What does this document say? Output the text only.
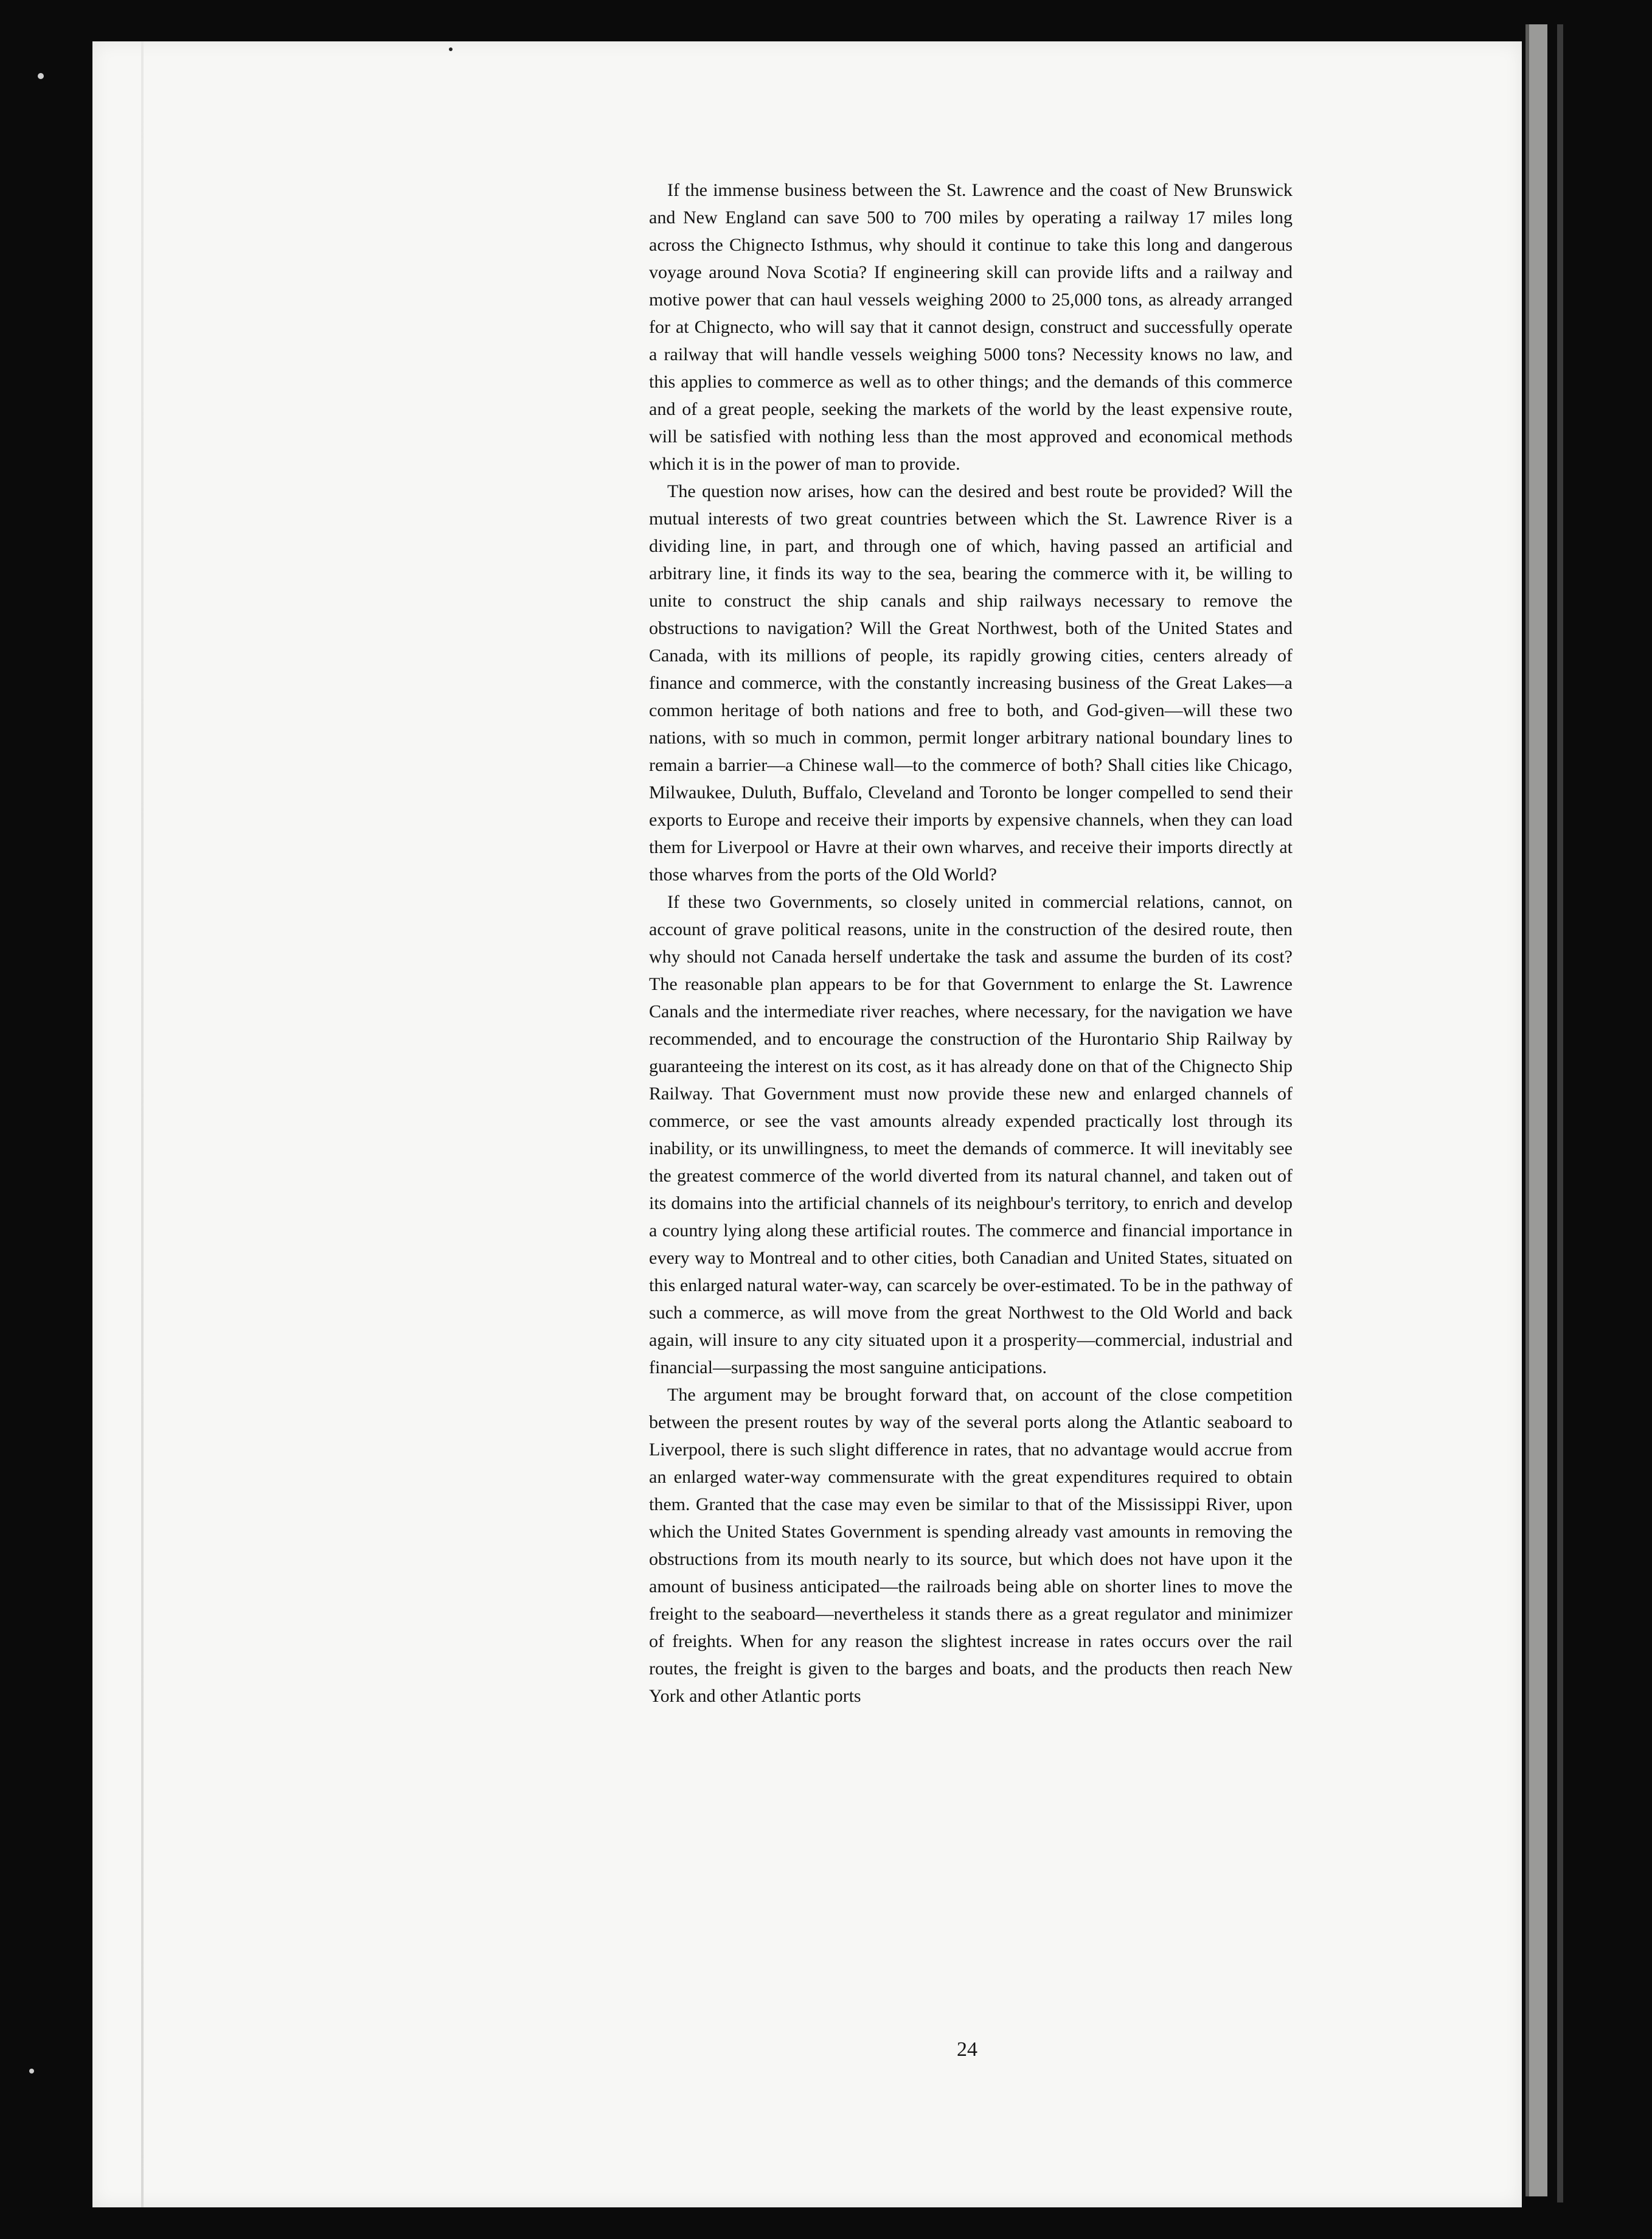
If the immense business between the St. Lawrence and the coast of New Brunswick and New England can save 500 to 700 miles by operating a railway 17 miles long across the Chignecto Isthmus, why should it continue to take this long and dangerous voyage around Nova Scotia? If engineering skill can provide lifts and a railway and motive power that can haul vessels weighing 2000 to 25,000 tons, as already arranged for at Chignecto, who will say that it cannot design, construct and successfully operate a railway that will handle vessels weighing 5000 tons? Necessity knows no law, and this applies to commerce as well as to other things; and the demands of this commerce and of a great people, seeking the markets of the world by the least expensive route, will be satisfied with nothing less than the most approved and economical methods which it is in the power of man to provide.

The question now arises, how can the desired and best route be provided? Will the mutual interests of two great countries between which the St. Lawrence River is a dividing line, in part, and through one of which, having passed an artificial and arbitrary line, it finds its way to the sea, bearing the commerce with it, be willing to unite to construct the ship canals and ship railways necessary to remove the obstructions to navigation? Will the Great Northwest, both of the United States and Canada, with its millions of people, its rapidly growing cities, centers already of finance and commerce, with the constantly increasing business of the Great Lakes—a common heritage of both nations and free to both, and God-given—will these two nations, with so much in common, permit longer arbitrary national boundary lines to remain a barrier—a Chinese wall—to the commerce of both? Shall cities like Chicago, Milwaukee, Duluth, Buffalo, Cleveland and Toronto be longer compelled to send their exports to Europe and receive their imports by expensive channels, when they can load them for Liverpool or Havre at their own wharves, and receive their imports directly at those wharves from the ports of the Old World?

If these two Governments, so closely united in commercial relations, cannot, on account of grave political reasons, unite in the construction of the desired route, then why should not Canada herself undertake the task and assume the burden of its cost? The reasonable plan appears to be for that Government to enlarge the St. Lawrence Canals and the intermediate river reaches, where necessary, for the navigation we have recommended, and to encourage the construction of the Hurontario Ship Railway by guaranteeing the interest on its cost, as it has already done on that of the Chignecto Ship Railway. That Government must now provide these new and enlarged channels of commerce, or see the vast amounts already expended practically lost through its inability, or its unwillingness, to meet the demands of commerce. It will inevitably see the greatest commerce of the world diverted from its natural channel, and taken out of its domains into the artificial channels of its neighbour's territory, to enrich and develop a country lying along these artificial routes. The commerce and financial importance in every way to Montreal and to other cities, both Canadian and United States, situated on this enlarged natural water-way, can scarcely be over-estimated. To be in the pathway of such a commerce, as will move from the great Northwest to the Old World and back again, will insure to any city situated upon it a prosperity—commercial, industrial and financial—surpassing the most sanguine anticipations.

The argument may be brought forward that, on account of the close competition between the present routes by way of the several ports along the Atlantic seaboard to Liverpool, there is such slight difference in rates, that no advantage would accrue from an enlarged water-way commensurate with the great expenditures required to obtain them. Granted that the case may even be similar to that of the Mississippi River, upon which the United States Government is spending already vast amounts in removing the obstructions from its mouth nearly to its source, but which does not have upon it the amount of business anticipated—the railroads being able on shorter lines to move the freight to the seaboard—nevertheless it stands there as a great regulator and minimizer of freights. When for any reason the slightest increase in rates occurs over the rail routes, the freight is given to the barges and boats, and the products then reach New York and other Atlantic ports

24
